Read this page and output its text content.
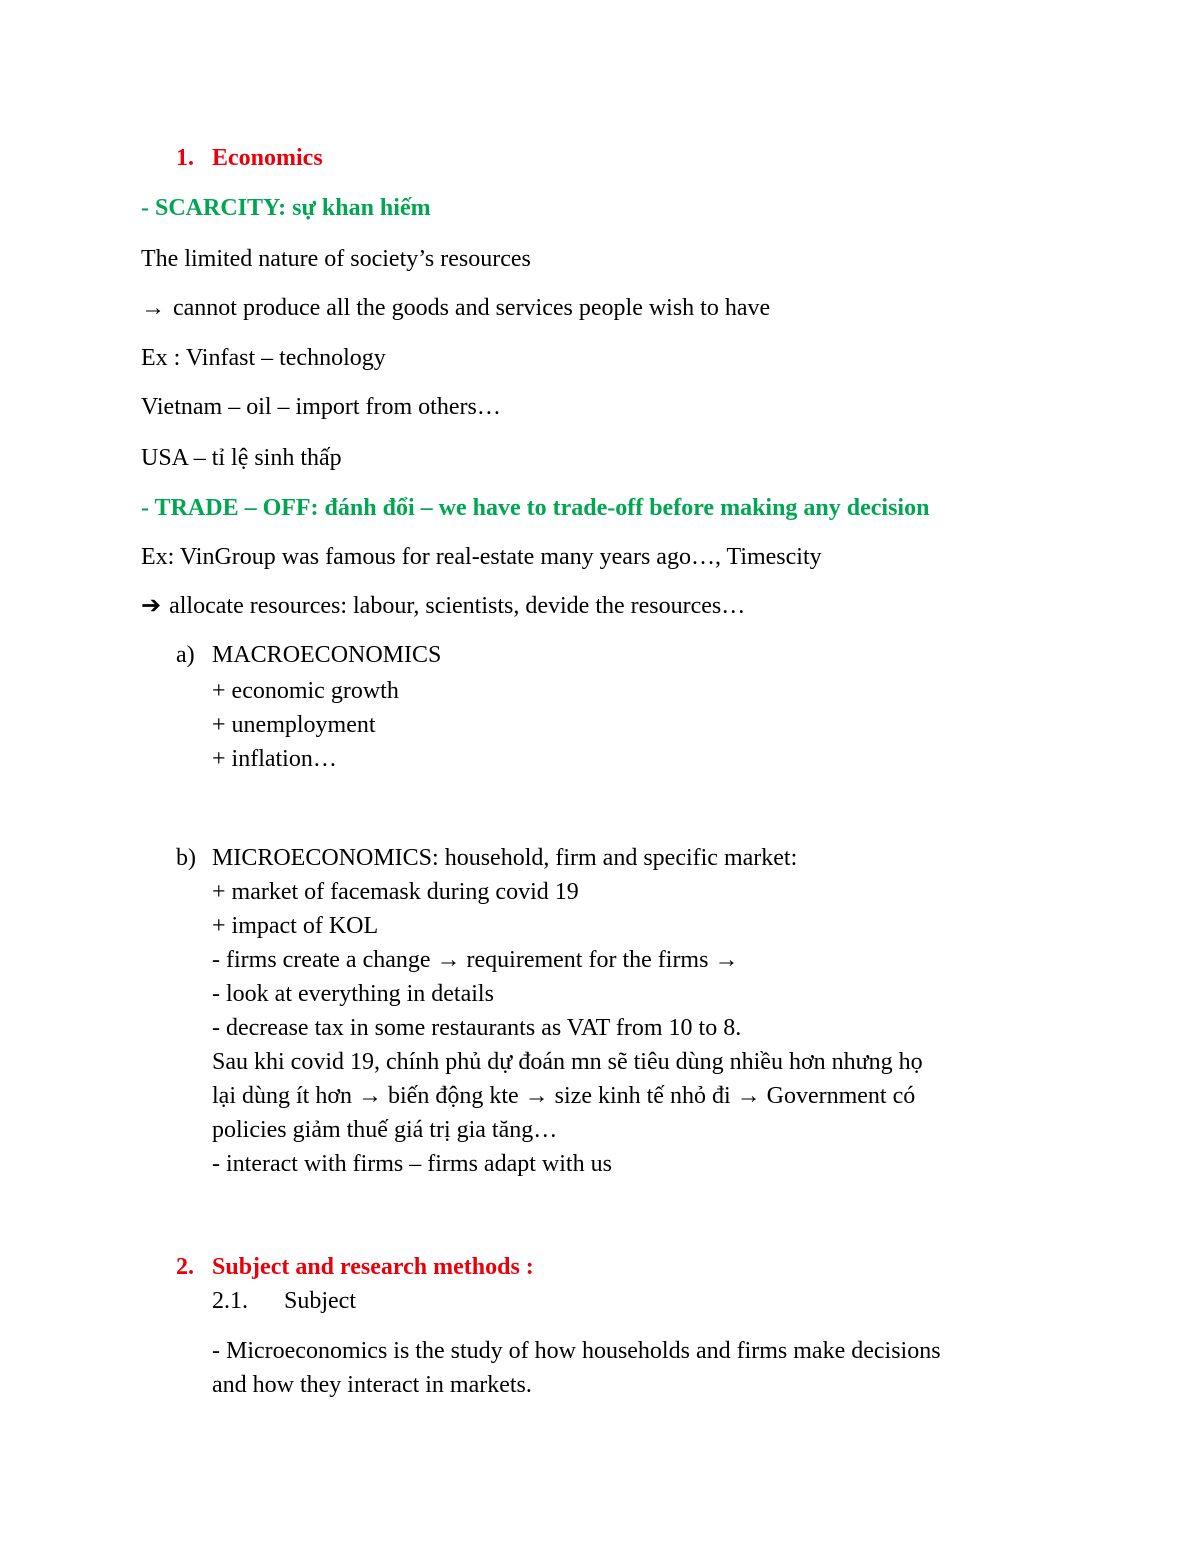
1. Economics
- SCARCITY: sự khan hiếm
The limited nature of society’s resources
→ cannot produce all the goods and services people wish to have
Ex : Vinfast – technology
Vietnam – oil – import from others…
USA – tỉ lệ sinh thấp
- TRADE – OFF: đánh đổi – we have to trade-off before making any decision
Ex: VinGroup was famous for real-estate many years ago…, Timescity
➔ allocate resources: labour, scientists, devide the resources…
a) MACROECONOMICS
+ economic growth
+ unemployment
+ inflation…
b) MICROECONOMICS: household, firm and specific market:
+ market of facemask during covid 19
+ impact of KOL
- firms create a change → requirement for the firms →
- look at everything in details
- decrease tax in some restaurants as VAT from 10 to 8.
Sau khi covid 19, chính phủ dự đoán mn sẽ tiêu dùng nhiều hơn nhưng họ
lại dùng ít hơn → biến động kte → size kinh tế nhỏ đi → Government có
policies giảm thuế giá trị gia tăng…
- interact with firms – firms adapt with us
2. Subject and research methods :
2.1. Subject
- Microeconomics is the study of how households and firms make decisions
and how they interact in markets.
